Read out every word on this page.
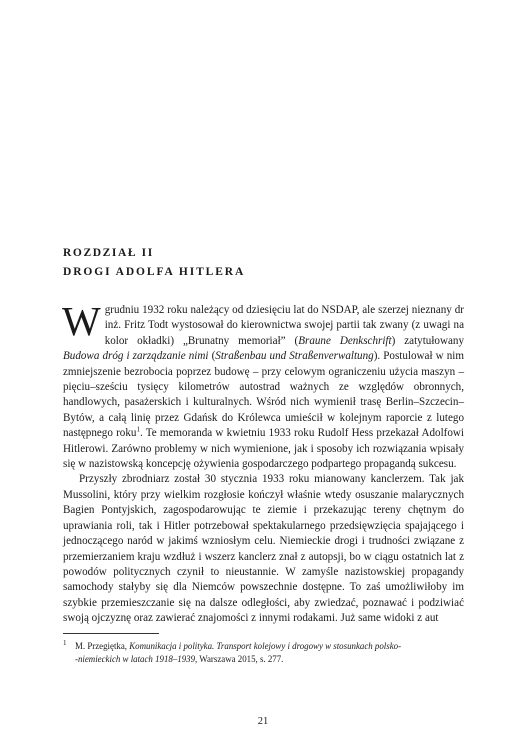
ROZDZIAŁ II
DROGI ADOLFA HITLERA

Wgrudniu 1932 roku należący od dziesięciu lat do NSDAP, ale szerzej nieznany dr inż. Fritz Todt wystosował do kierownictwa swojej partii tak zwany (z uwagi na kolor okładki) „Brunatny memoriał” (Braune Denkschrift) zatytułowany Budowa dróg i zarządzanie nimi (Straßenbau und Straßenverwaltung). Postulował w nim zmniejszenie bezrobocia poprzez budowę – przy celowym ograniczeniu użycia maszyn – pięciu–sześciu tysięcy kilometrów autostrad ważnych ze względów obronnych, handlowych, pasażerskich i kulturalnych. Wśród nich wymienił trasę Berlin–Szczecin–Bytów, a całą linię przez Gdańsk do Królewca umieścił w kolejnym raporcie z lutego następnego roku$^1$. Te memoranda w kwietniu 1933 roku Rudolf Hess przekazał Adolfowi Hitlerowi. Zarówno problemy w nich wymienione, jak i sposoby ich rozwiązania wpisały się w nazistowską koncepcję ożywienia gospodarczego podpartego propagandą sukcesu.

Przyszły zbrodniarz został 30 stycznia 1933 roku mianowany kanclerzem. Tak jak Mussolini, który przy wielkim rozgłosie kończył właśnie wtedy osuszanie malarycznych Bagien Pontyjskich, zagospodarowując te ziemie i przekazując tereny chętnym do uprawiania roli, tak i Hitler potrzebował spektakularnego przedsięwzięcia spajającego i jednoczącego naród w jakimś wzniosłym celu. Niemieckie drogi i trudności związane z przemierzaniem kraju wzdłuż i wszerz kanclerz znał z autopsji, bo w ciągu ostatnich lat z powodów politycznych czynił to nieustannie. W zamyśle nazistowskiej propagandy samochody stałyby się dla Niemców powszechnie dostępne. To zaś umożliwiłoby im szybkie przemieszczanie się na dalsze odległości, aby zwiedzać, poznawać i podziwiać swoją ojczyznę oraz zawierać znajomości z innymi rodakami. Już same widoki z aut

$^1$ M. Przegiętka, Komunikacja i polityka. Transport kolejowy i drogowy w stosunkach polsko-
-niemieckich w latach 1918–1939, Warszawa 2015, s. 277.
21
